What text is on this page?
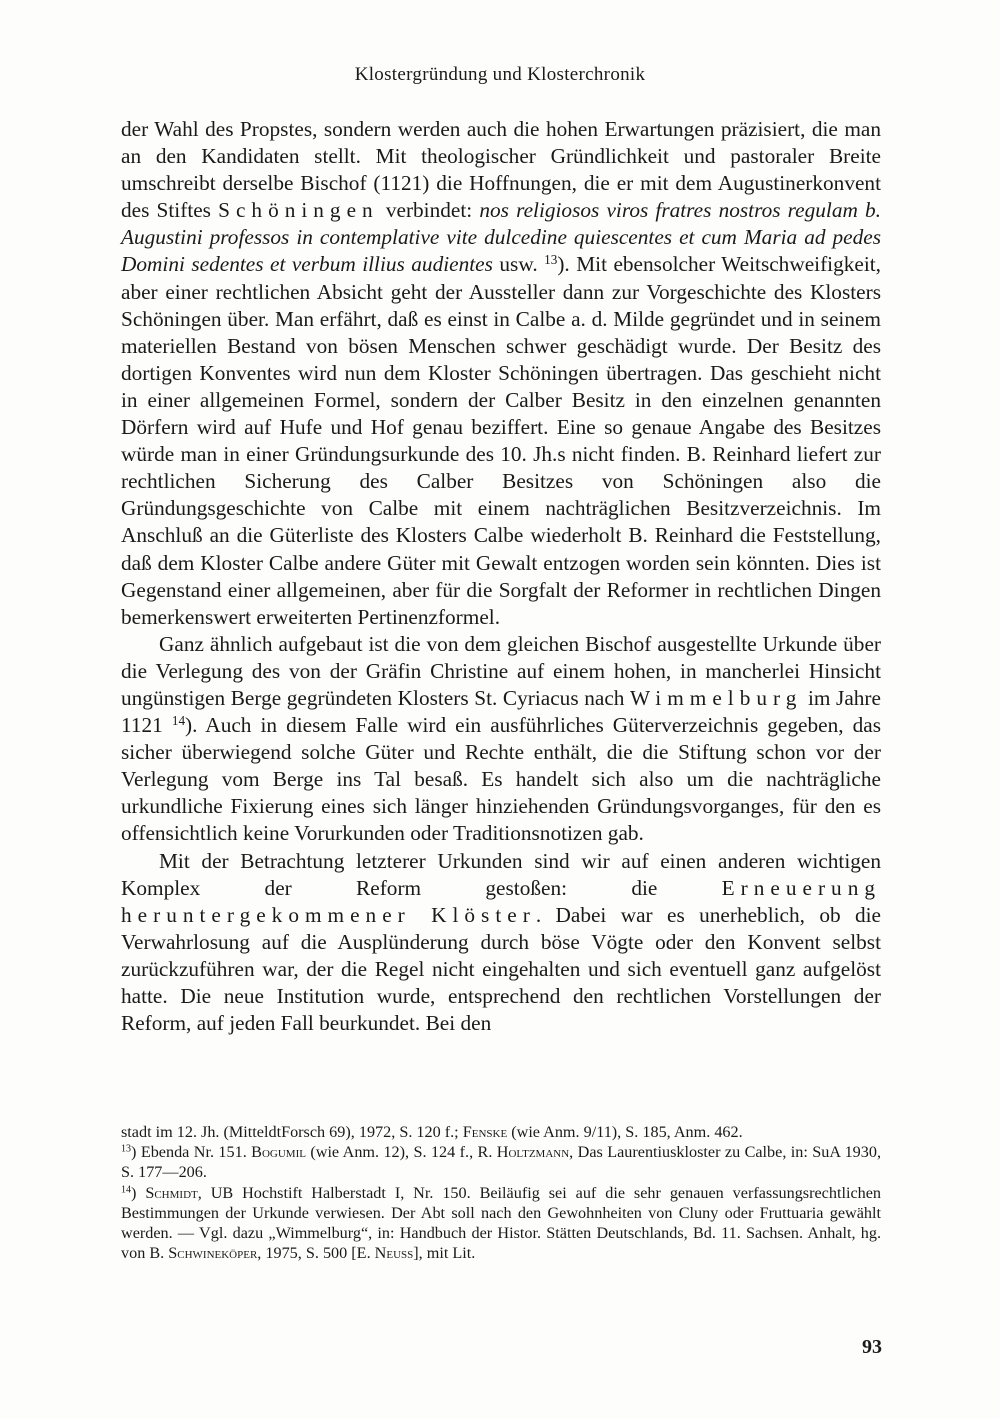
Klostergründung und Klosterchronik

der Wahl des Propstes, sondern werden auch die hohen Erwartungen präzisiert, die man an den Kandidaten stellt. Mit theologischer Gründlichkeit und pastoraler Breite umschreibt derselbe Bischof (1121) die Hoffnungen, die er mit dem Augustinerkonvent des Stiftes Schöningen verbindet: nos religiosos viros fratres nostros regulam b. Augustini professos in contemplative vite dulcedine quiescentes et cum Maria ad pedes Domini sedentes et verbum illius audientes usw. $^{13}$). Mit ebensolcher Weitschweifigkeit, aber einer rechtlichen Absicht geht der Aussteller dann zur Vorgeschichte des Klosters Schöningen über. Man erfährt, daß es einst in Calbe a. d. Milde gegründet und in seinem materiellen Bestand von bösen Menschen schwer geschädigt wurde. Der Besitz des dortigen Konventes wird nun dem Kloster Schöningen übertragen. Das geschieht nicht in einer allgemeinen Formel, sondern der Calber Besitz in den einzelnen genannten Dörfern wird auf Hufe und Hof genau beziffert. Eine so genaue Angabe des Besitzes würde man in einer Gründungsurkunde des 10. Jh.s nicht finden. B. Reinhard liefert zur rechtlichen Sicherung des Calber Besitzes von Schöningen also die Gründungsgeschichte von Calbe mit einem nachträglichen Besitzverzeichnis. Im Anschluß an die Güterliste des Klosters Calbe wiederholt B. Reinhard die Feststellung, daß dem Kloster Calbe andere Güter mit Gewalt entzogen worden sein könnten. Dies ist Gegenstand einer allgemeinen, aber für die Sorgfalt der Reformer in rechtlichen Dingen bemerkenswert erweiterten Pertinenzformel.

Ganz ähnlich aufgebaut ist die von dem gleichen Bischof ausgestellte Urkunde über die Verlegung des von der Gräfin Christine auf einem hohen, in mancherlei Hinsicht ungünstigen Berge gegründeten Klosters St. Cyriacus nach Wimmelburg im Jahre 1121 $^{14}$). Auch in diesem Falle wird ein ausführliches Güterverzeichnis gegeben, das sicher überwiegend solche Güter und Rechte enthält, die die Stiftung schon vor der Verlegung vom Berge ins Tal besaß. Es handelt sich also um die nachträgliche urkundliche Fixierung eines sich länger hinziehenden Gründungsvorganges, für den es offensichtlich keine Vorurkunden oder Traditionsnotizen gab.

Mit der Betrachtung letzterer Urkunden sind wir auf einen anderen wichtigen Komplex der Reform gestoßen: die Erneuerung heruntergekommener Klöster. Dabei war es unerheblich, ob die Verwahrlosung auf die Ausplünderung durch böse Vögte oder den Konvent selbst zurückzuführen war, der die Regel nicht eingehalten und sich eventuell ganz aufgelöst hatte. Die neue Institution wurde, entsprechend den rechtlichen Vorstellungen der Reform, auf jeden Fall beurkundet. Bei den

stadt im 12. Jh. (MitteldtForsch 69), 1972, S. 120 f.; Fenske (wie Anm. 9/11), S. 185, Anm. 462.

$^{13}$) Ebenda Nr. 151. Bogumil (wie Anm. 12), S. 124 f., R. Holtzmann, Das Laurentiuskloster zu Calbe, in: SuA 1930, S. 177—206.

$^{14}$) Schmidt, UB Hochstift Halberstadt I, Nr. 150. Beiläufig sei auf die sehr genauen verfassungsrechtlichen Bestimmungen der Urkunde verwiesen. Der Abt soll nach den Gewohnheiten von Cluny oder Fruttuaria gewählt werden. — Vgl. dazu „Wimmelburg“, in: Handbuch der Histor. Stätten Deutschlands, Bd. 11. Sachsen. Anhalt, hg. von B. Schwineköper, 1975, S. 500 [E. Neuss], mit Lit.

93
